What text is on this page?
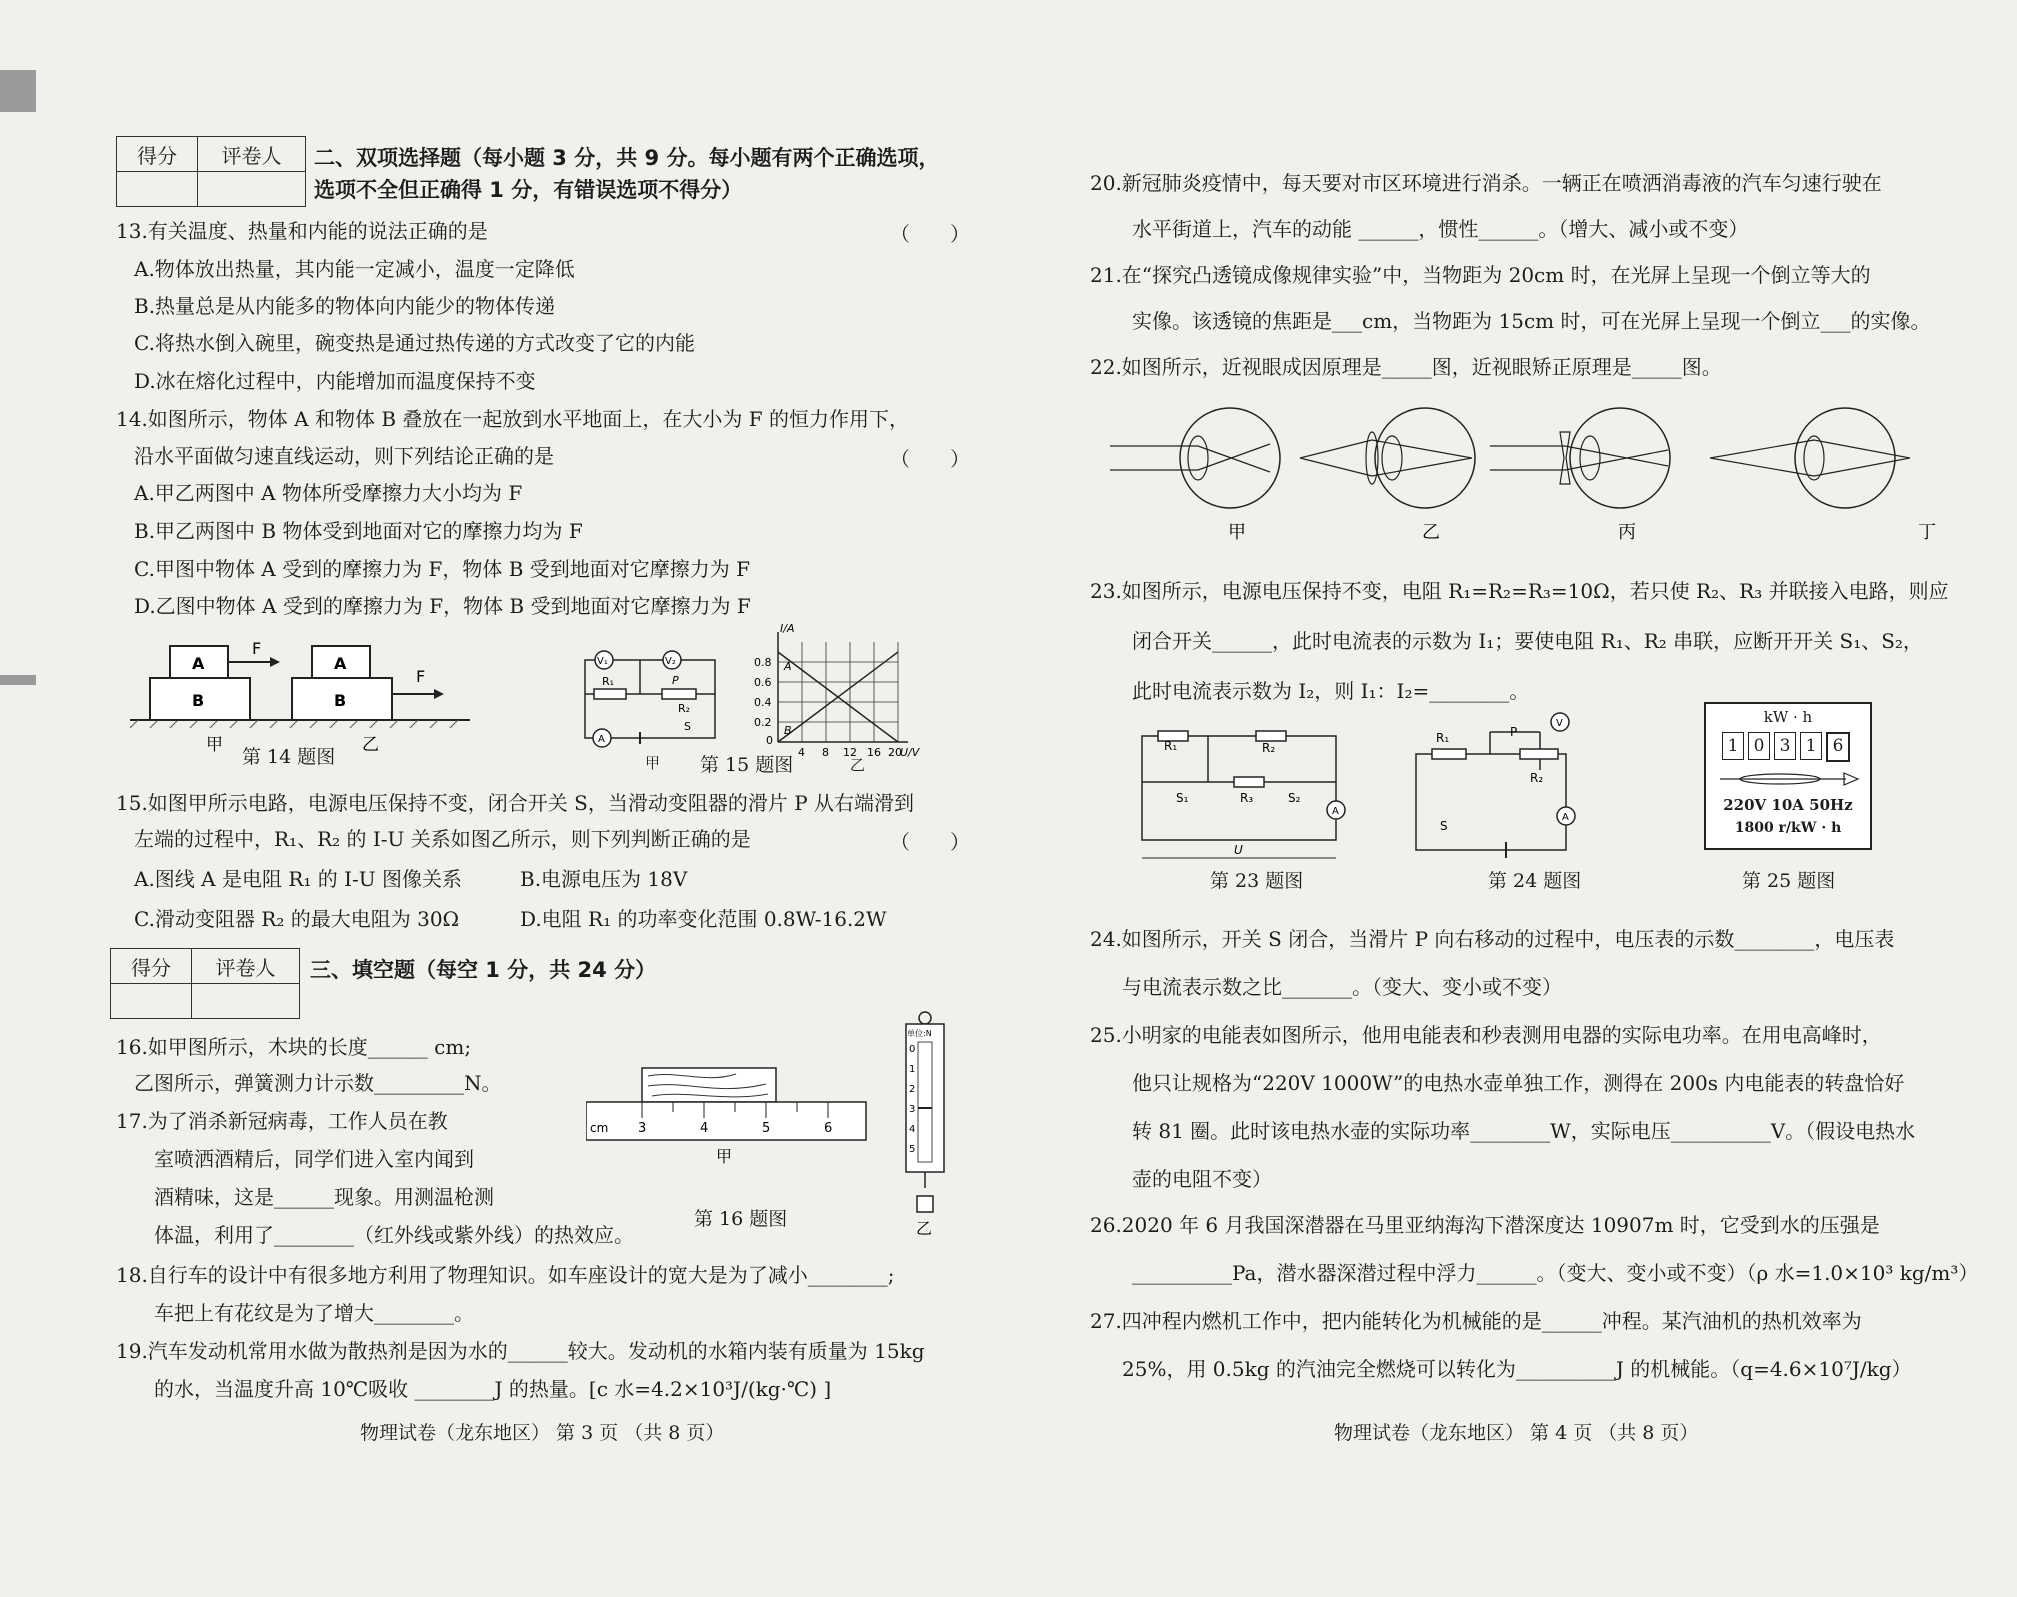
得分	评卷人
	二、双项选择题（每小题 3 分，共 9 分。每小题有两个正确选项，
选项不全但正确得 1 分，有错误选项不得分）
13.有关温度、热量和内能的说法正确的是	（　　）
A.物体放出热量，其内能一定减小，温度一定降低
B.热量总是从内能多的物体向内能少的物体传递
C.将热水倒入碗里，碗变热是通过热传递的方式改变了它的内能
D.冰在熔化过程中，内能增加而温度保持不变
14.如图所示，物体 A 和物体 B 叠放在一起放到水平地面上，在大小为 F 的恒力作用下，
沿水平面做匀速直线运动，则下列结论正确的是	（　　）
A.甲乙两图中 A 物体所受摩擦力大小均为 F
B.甲乙两图中 B 物体受到地面对它的摩擦力均为 F
C.甲图中物体 A 受到的摩擦力为 F，物体 B 受到地面对它摩擦力为 F
D.乙图中物体 A 受到的摩擦力为 F，物体 B 受到地面对它摩擦力为 F
B
A
F
B
A
F
甲	乙
第 14 题图
V₁	V₂
R₁	P
R₂
A
S
甲
A
B
I/A
U/V
0.8
0.6
0.4
0.2
0
4 8 12 16 20
第 15 题图	乙
15.如图甲所示电路，电源电压保持不变，闭合开关 S，当滑动变阻器的滑片 P 从右端滑到
左端的过程中，R₁、R₂ 的 I-U 关系如图乙所示，则下列判断正确的是	（　　）
A.图线 A 是电阻 R₁ 的 I-U 图像关系	B.电源电压为 18V
C.滑动变阻器 R₂ 的最大电阻为 30Ω	D.电阻 R₁ 的功率变化范围 0.8W-16.2W
得分	评卷人
	三、填空题（每空 1 分，共 24 分）
16.如甲图所示，木块的长度______ cm;
乙图所示，弹簧测力计示数_________N。
cm 3	4	5	6
甲
单位:N
0
1
2
3
4
5
乙
第 16 题图
17.为了消杀新冠病毒，工作人员在教
室喷洒酒精后，同学们进入室内闻到
酒精味，这是______现象。用测温枪测
体温，利用了________（红外线或紫外线）的热效应。
18.自行车的设计中有很多地方利用了物理知识。如车座设计的宽大是为了减小________;
车把上有花纹是为了增大________。
19.汽车发动机常用水做为散热剂是因为水的______较大。发动机的水箱内装有质量为 15kg
的水，当温度升高 10℃吸收 ________J 的热量。[c 水=4.2×10³J/(kg·℃) ]
物理试卷（龙东地区） 第 3 页 （共 8 页）
20.新冠肺炎疫情中，每天要对市区环境进行消杀。一辆正在喷洒消毒液的汽车匀速行驶在
水平街道上，汽车的动能 ______，惯性______。（增大、减小或不变）
21.在“探究凸透镜成像规律实验”中，当物距为 20cm 时，在光屏上呈现一个倒立等大的
实像。该透镜的焦距是___cm，当物距为 15cm 时，可在光屏上呈现一个倒立___的实像。
22.如图所示，近视眼成因原理是_____图，近视眼矫正原理是_____图。
甲	乙	丙	丁
23.如图所示，电源电压保持不变，电阻 R₁=R₂=R₃=10Ω，若只使 R₂、R₃ 并联接入电路，则应
闭合开关______，此时电流表的示数为 I₁；要使电阻 R₁、R₂ 串联，应断开开关 S₁、S₂，
此时电流表示数为 I₂，则 I₁：I₂=________。
R₁	R₂
R₃
S₁	S₂
A
U
第 23 题图
R₁	P
R₂
V
A
S
第 24 题图
kW · h
1 0 3 1 6
220V 10A 50Hz
1800 r/kW · h
第 25 题图
24.如图所示，开关 S 闭合，当滑片 P 向右移动的过程中，电压表的示数________，电压表
与电流表示数之比_______。（变大、变小或不变）
25.小明家的电能表如图所示，他用电能表和秒表测用电器的实际电功率。在用电高峰时，
他只让规格为“220V 1000W”的电热水壶单独工作，测得在 200s 内电能表的转盘恰好
转 81 圈。此时该电热水壶的实际功率________W，实际电压__________V。（假设电热水
壶的电阻不变）
26.2020 年 6 月我国深潜器在马里亚纳海沟下潜深度达 10907m 时，它受到水的压强是
__________Pa，潜水器深潜过程中浮力______。（变大、变小或不变）（ρ 水=1.0×10³ kg/m³）
27.四冲程内燃机工作中，把内能转化为机械能的是______冲程。某汽油机的热机效率为
25%，用 0.5kg 的汽油完全燃烧可以转化为__________J 的机械能。（q=4.6×10⁷J/kg）
物理试卷（龙东地区） 第 4 页 （共 8 页）
